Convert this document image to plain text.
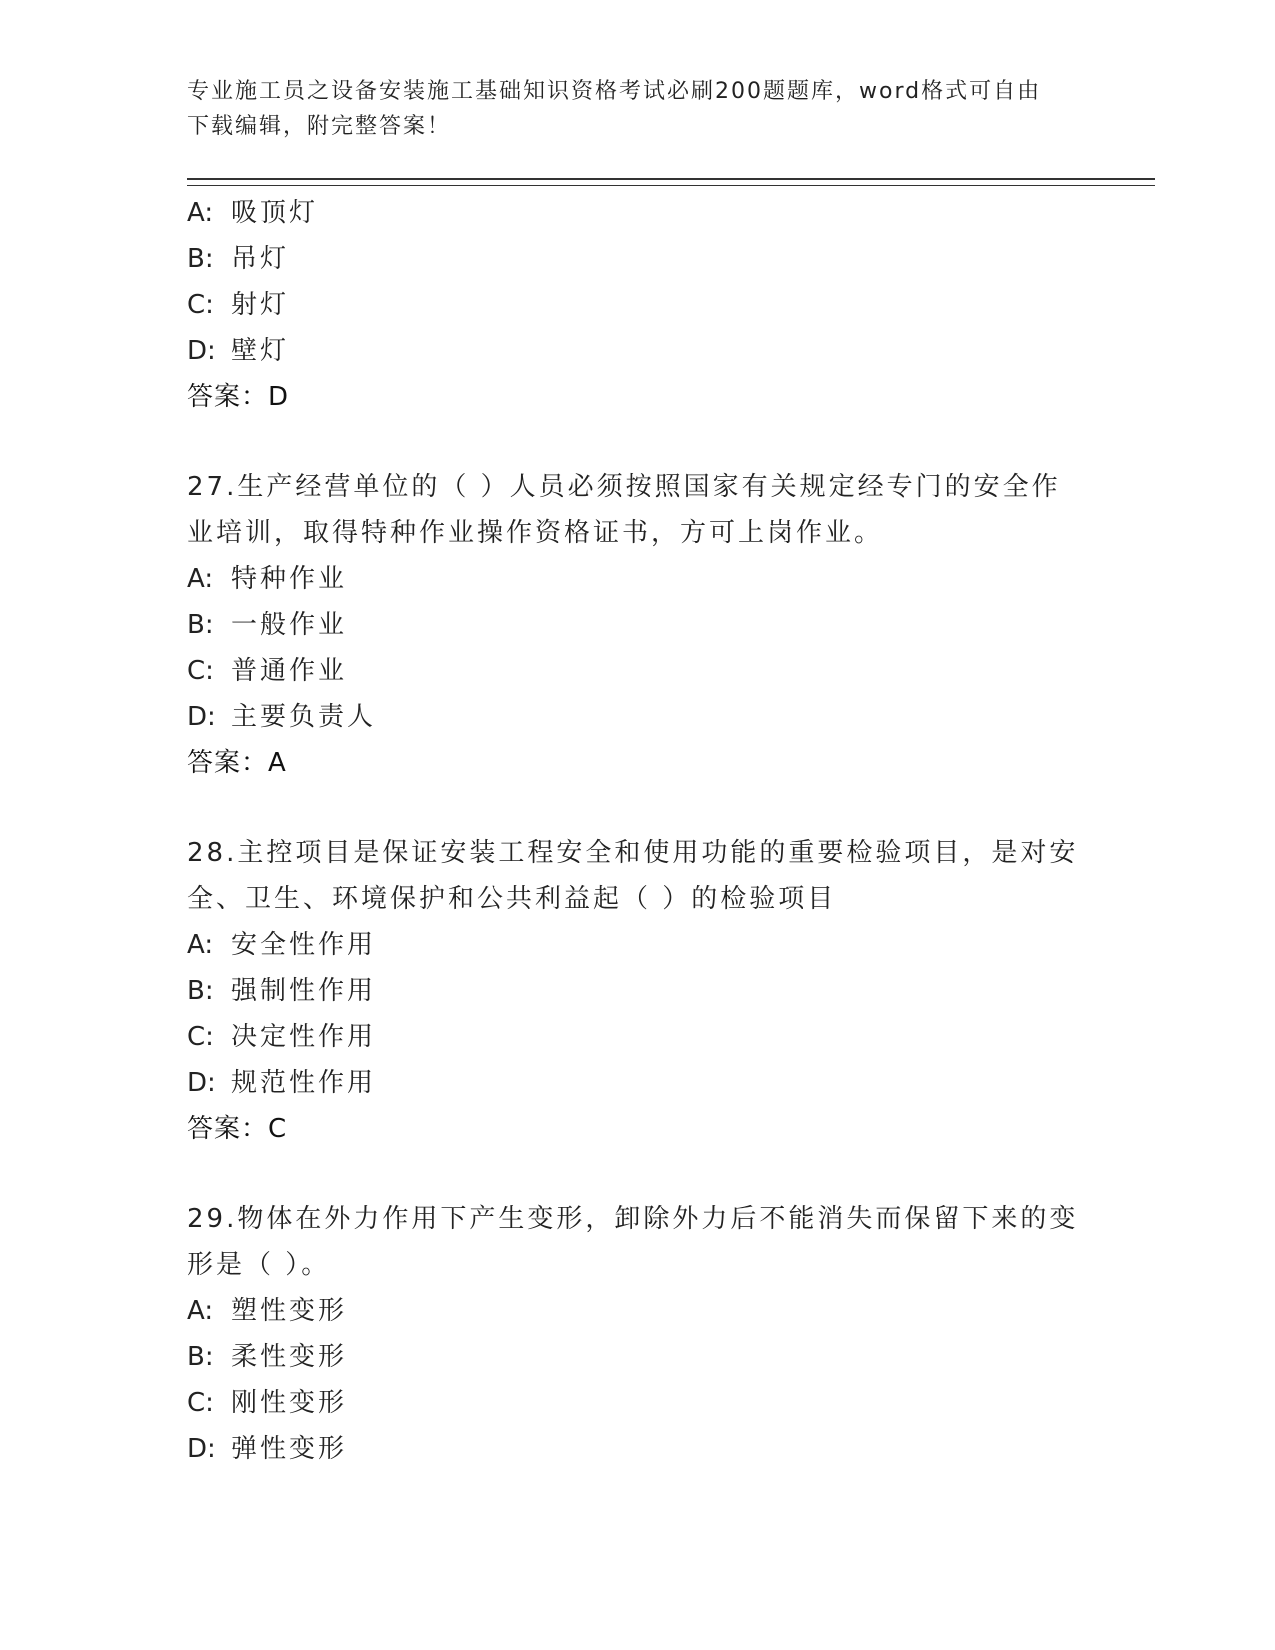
专业施工员之设备安装施工基础知识资格考试必刷200题题库，word格式可自由下载编辑，附完整答案！
A: 吸顶灯
B: 吊灯
C: 射灯
D: 壁灯
答案：D
27.生产经营单位的（ ）人员必须按照国家有关规定经专门的安全作业培训，取得特种作业操作资格证书，方可上岗作业。
A: 特种作业
B: 一般作业
C: 普通作业
D: 主要负责人
答案：A
28.主控项目是保证安装工程安全和使用功能的重要检验项目，是对安全、卫生、环境保护和公共利益起（ ）的检验项目
A: 安全性作用
B: 强制性作用
C: 决定性作用
D: 规范性作用
答案：C
29.物体在外力作用下产生变形，卸除外力后不能消失而保留下来的变形是（ ）。
A: 塑性变形
B: 柔性变形
C: 刚性变形
D: 弹性变形
